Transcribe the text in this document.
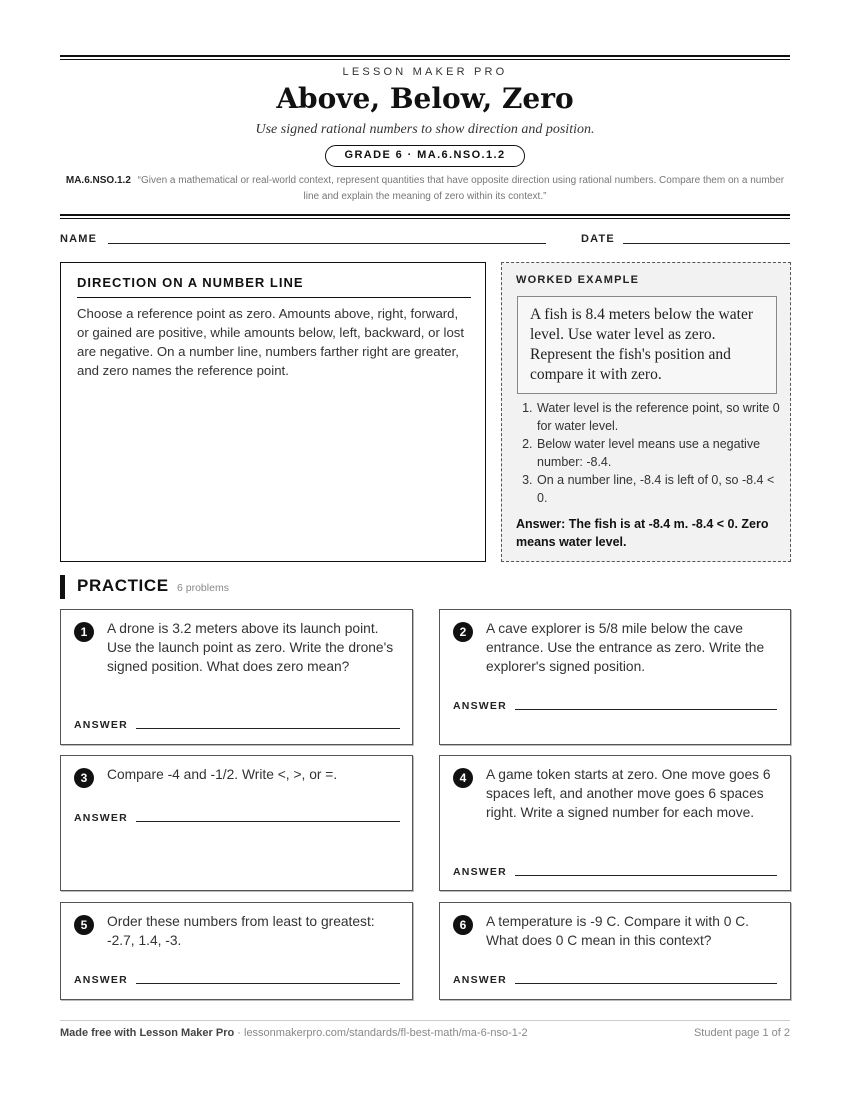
LESSON MAKER PRO
Above, Below, Zero
Use signed rational numbers to show direction and position.
GRADE 6 · MA.6.NSO.1.2
MA.6.NSO.1.2 “Given a mathematical or real-world context, represent quantities that have opposite direction using rational numbers. Compare them on a number line and explain the meaning of zero within its context.”
NAME	DATE
DIRECTION ON A NUMBER LINE
Choose a reference point as zero. Amounts above, right, forward, or gained are positive, while amounts below, left, backward, or lost are negative. On a number line, numbers farther right are greater, and zero names the reference point.
WORKED EXAMPLE
A fish is 8.4 meters below the water level. Use water level as zero. Represent the fish's position and compare it with zero.
1. Water level is the reference point, so write 0 for water level.
2. Below water level means use a negative number: -8.4.
3. On a number line, -8.4 is left of 0, so -8.4 < 0.
Answer: The fish is at -8.4 m. -8.4 < 0. Zero means water level.
PRACTICE 6 problems
1	A drone is 3.2 meters above its launch point. Use the launch point as zero. Write the drone's signed position. What does zero mean?
ANSWER
2	A cave explorer is 5/8 mile below the cave entrance. Use the entrance as zero. Write the explorer's signed position.
ANSWER
3	Compare -4 and -1/2. Write <, >, or =.
ANSWER
4	A game token starts at zero. One move goes 6 spaces left, and another move goes 6 spaces right. Write a signed number for each move.
ANSWER
5	Order these numbers from least to greatest: -2.7, 1.4, -3.
ANSWER
6	A temperature is -9 C. Compare it with 0 C. What does 0 C mean in this context?
ANSWER
Made free with Lesson Maker Pro · lessonmakerpro.com/standards/fl-best-math/ma-6-nso-1-2	Student page 1 of 2
